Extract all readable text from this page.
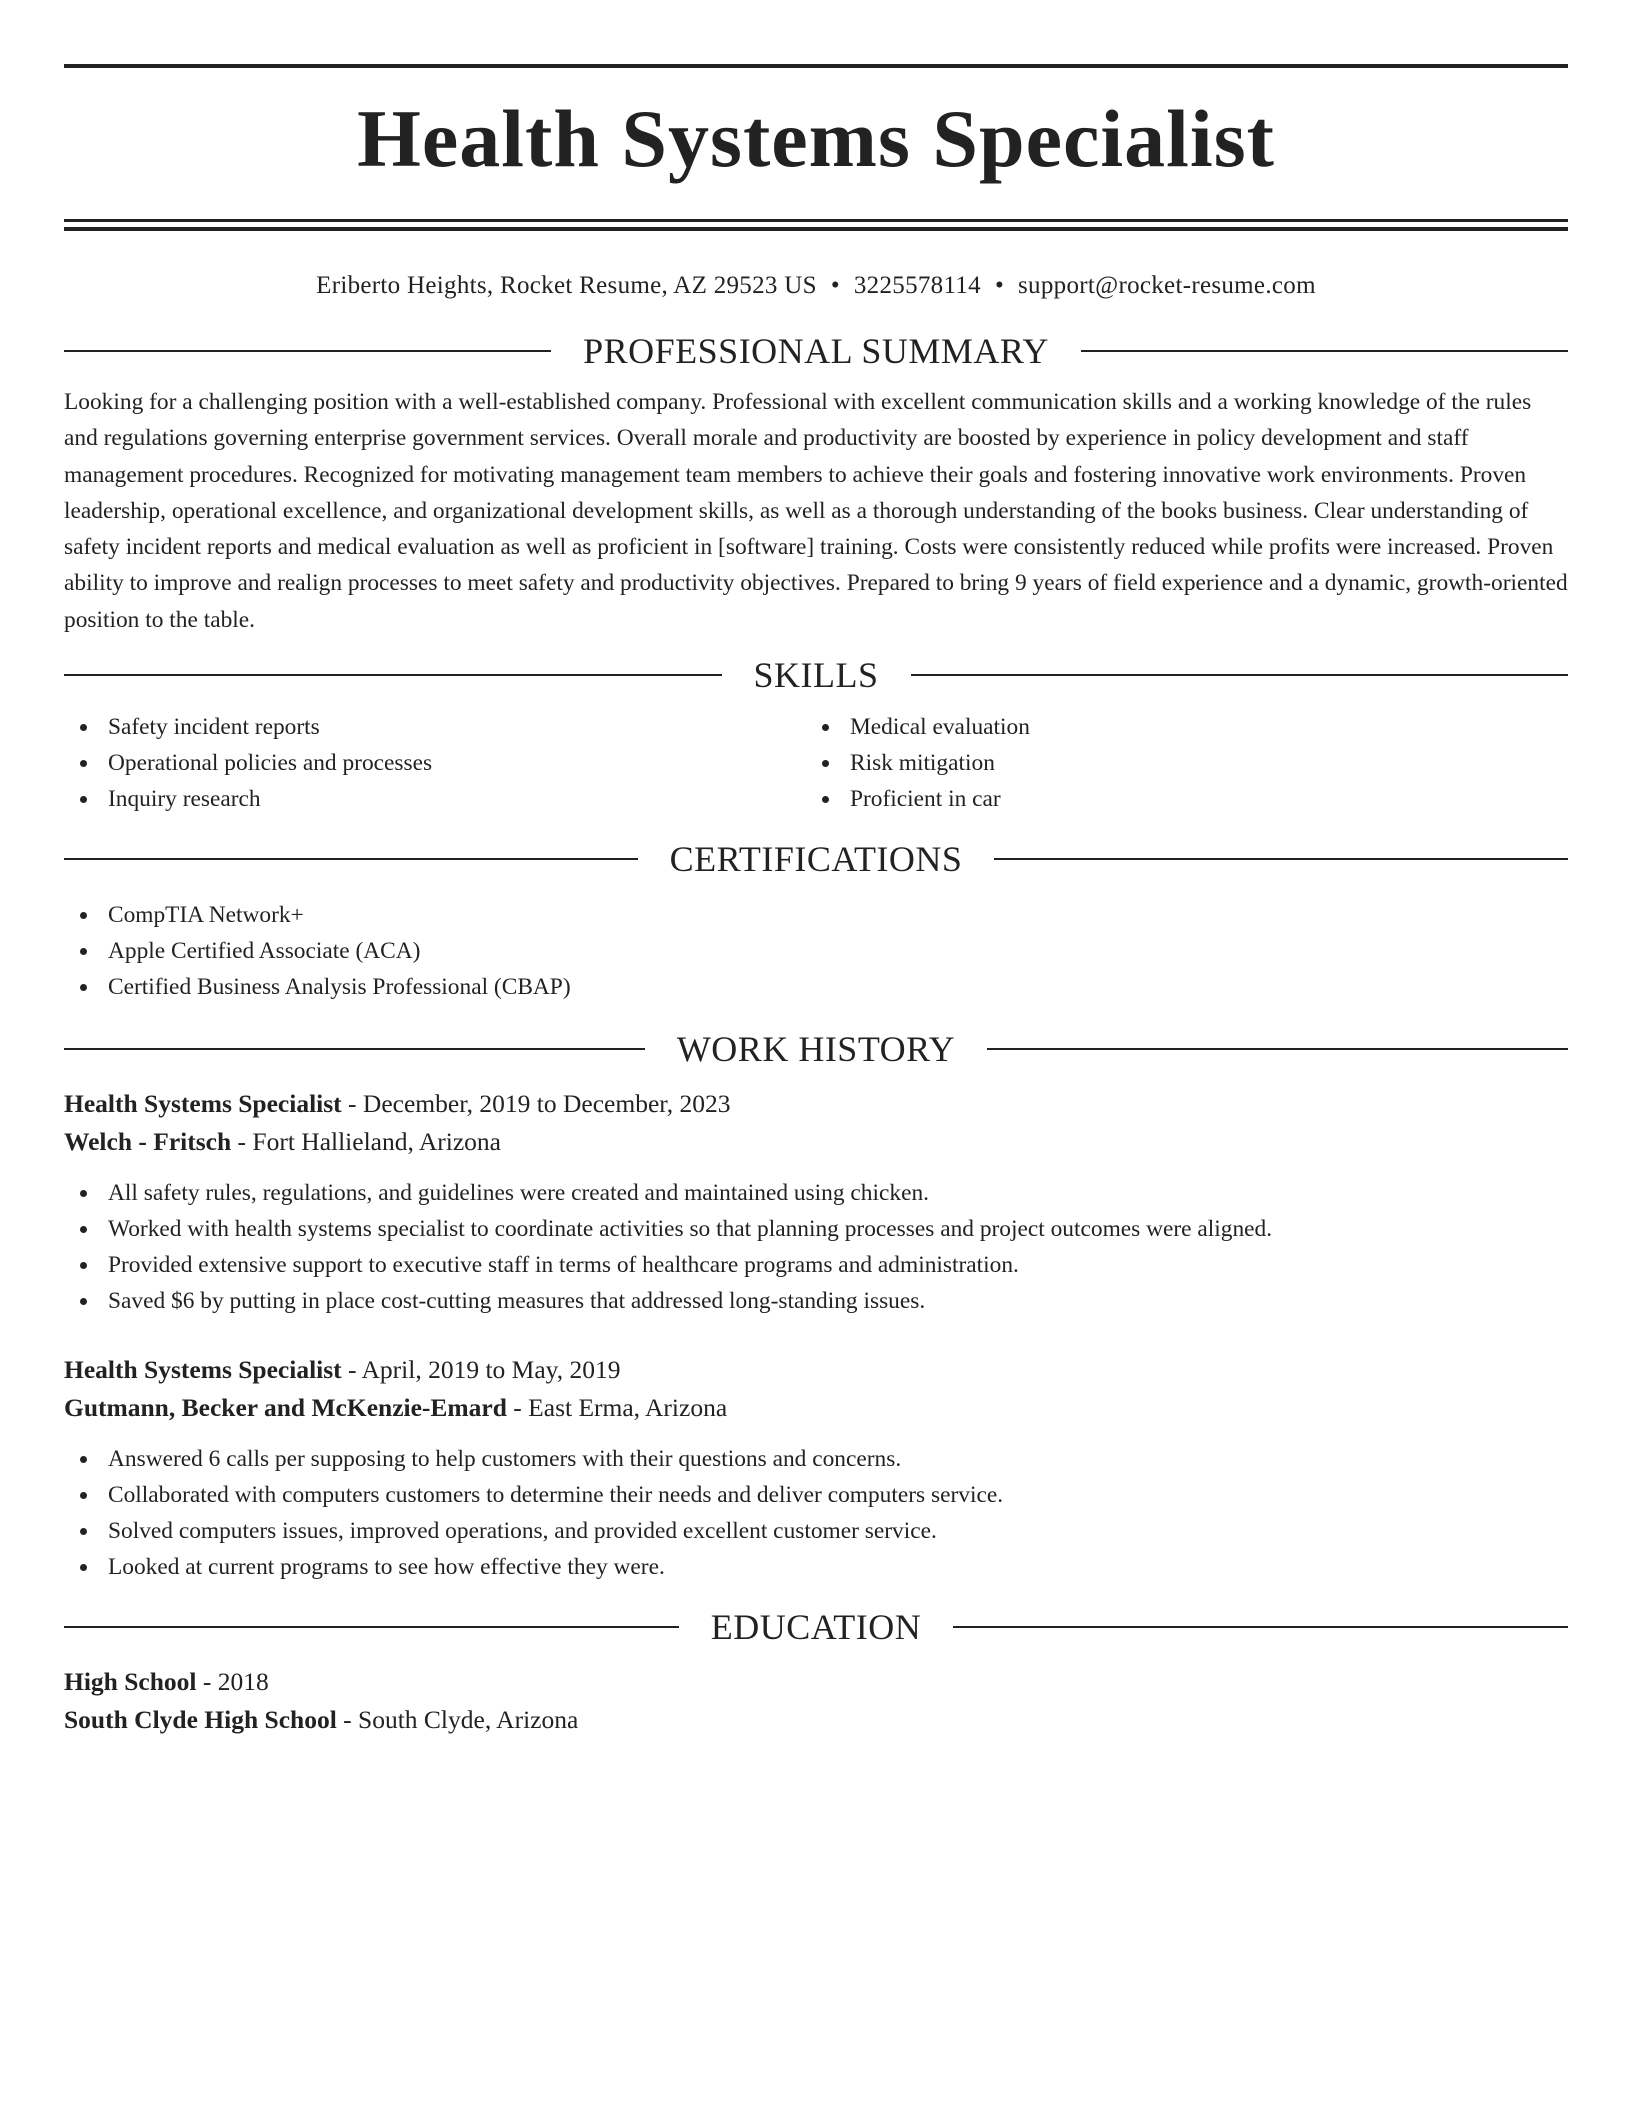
Health Systems Specialist
Eriberto Heights, Rocket Resume, AZ 29523 US • 3225578114 • support@rocket-resume.com
PROFESSIONAL SUMMARY

Looking for a challenging position with a well-established company. Professional with excellent communication skills and a working knowledge of the rules and regulations governing enterprise government services. Overall morale and productivity are boosted by experience in policy development and staff management procedures. Recognized for motivating management team members to achieve their goals and fostering innovative work environments. Proven leadership, operational excellence, and organizational development skills, as well as a thorough understanding of the books business. Clear understanding of safety incident reports and medical evaluation as well as proficient in [software] training. Costs were consistently reduced while profits were increased. Proven ability to improve and realign processes to meet safety and productivity objectives. Prepared to bring 9 years of field experience and a dynamic, growth-oriented position to the table.

SKILLS
Safety incident reports
Operational policies and processes
Inquiry research
Medical evaluation
Risk mitigation
Proficient in car
CERTIFICATIONS
CompTIA Network+
Apple Certified Associate (ACA)
Certified Business Analysis Professional (CBAP)
WORK HISTORY
Health Systems Specialist - December, 2019 to December, 2023
Welch - Fritsch - Fort Hallieland, Arizona
All safety rules, regulations, and guidelines were created and maintained using chicken.
Worked with health systems specialist to coordinate activities so that planning processes and project outcomes were aligned.
Provided extensive support to executive staff in terms of healthcare programs and administration.
Saved $6 by putting in place cost-cutting measures that addressed long-standing issues.
Health Systems Specialist - April, 2019 to May, 2019
Gutmann, Becker and McKenzie-Emard - East Erma, Arizona
Answered 6 calls per supposing to help customers with their questions and concerns.
Collaborated with computers customers to determine their needs and deliver computers service.
Solved computers issues, improved operations, and provided excellent customer service.
Looked at current programs to see how effective they were.
EDUCATION
High School - 2018
South Clyde High School - South Clyde, Arizona
